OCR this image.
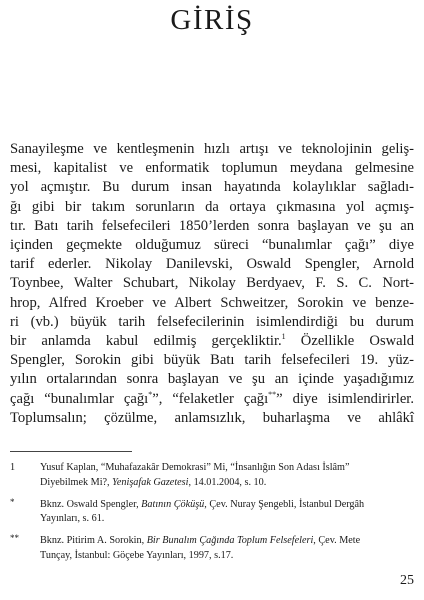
GİRİŞ
Sanayileşme ve kentleşmenin hızlı artışı ve teknolojinin geliş-
mesi, kapitalist ve enformatik toplumun meydana gelmesine
yol açmıştır. Bu durum insan hayatında kolaylıklar sağladı-
ğı gibi bir takım sorunların da ortaya çıkmasına yol açmış-
tır. Batı tarih felsefecileri 1850’lerden sonra başlayan ve şu an
içinden geçmekte olduğumuz süreci “bunalımlar çağı” diye
tarif ederler. Nikolay Danilevski, Oswald Spengler, Arnold
Toynbee, Walter Schubart, Nikolay Berdyaev, F. S. C. Nort-
hrop, Alfred Kroeber ve Albert Schweitzer, Sorokin ve benze-
ri (vb.) büyük tarih felsefecilerinin isimlendirdiği bu durum
bir anlamda kabul edilmiş gerçekliktir.$^1$ Özellikle Oswald
Spengler, Sorokin gibi büyük Batı tarih felsefecileri 19. yüz-
yılın ortalarından sonra başlayan ve şu an içinde yaşadığımız
çağı “bunalımlar çağı*”, “felaketler çağı**” diye isimlendirirler.
Toplumsalın; çözülme, anlamsızlık, buharlaşma ve ahlâkî
1 Yusuf Kaplan, “Muhafazakâr Demokrasi” Mi, “İnsanlığın Son Adası İslâm”
Diyebilmek Mi?, Yenişafak Gazetesi, 14.01.2004, s. 10.
*	Bknz. Oswald Spengler, Batının Çöküşü, Çev. Nuray Şengebli, İstanbul Dergâh
Yayınları, s. 61.
** Bknz. Pitirim A. Sorokin, Bir Bunalım Çağında Toplum Felsefeleri, Çev. Mete
Tunçay, İstanbul: Göçebe Yayınları, 1997, s.17.
25
